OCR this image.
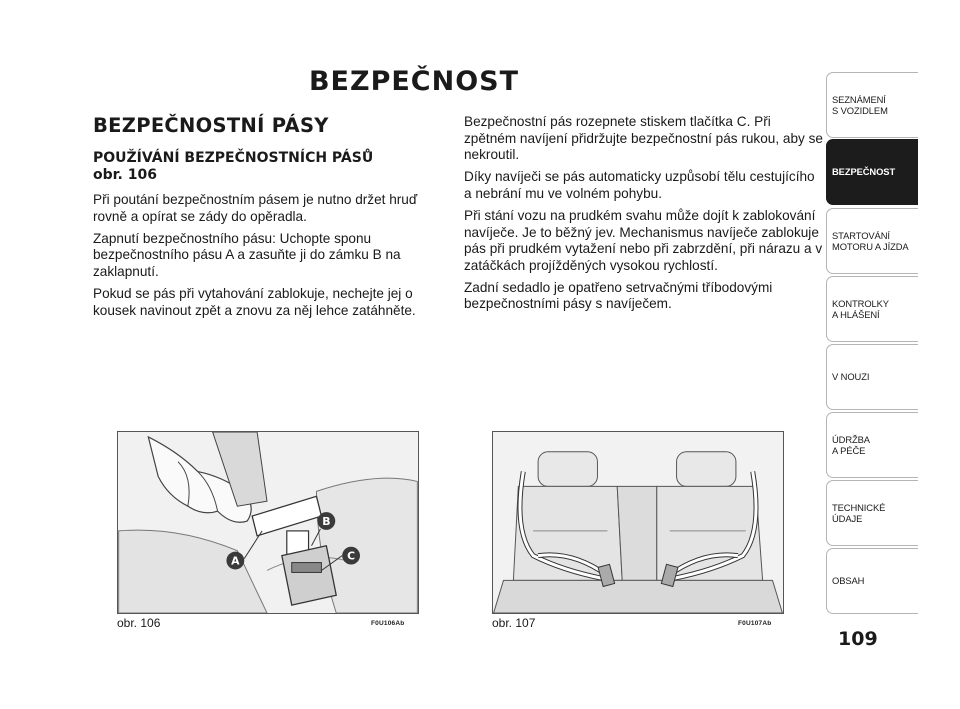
BEZPEČNOST
BEZPEČNOSTNÍ PÁSY
POUŽÍVÁNÍ BEZPEČNOSTNÍCH PÁSŮ
obr. 106

Při poutání bezpečnostním pásem je nutno držet hruď rovně a opírat se zády do opěradla.

Zapnutí bezpečnostního pásu: Uchopte sponu bezpečnostního pásu A a zasuňte ji do zámku B na zaklapnutí.

Pokud se pás při vytahování zablokuje, nechejte jej o kousek navinout zpět a znovu za něj lehce zatáhněte.

Bezpečnostní pás rozepnete stiskem tlačítka C. Při zpětném navíjení přidržujte bezpečnostní pás rukou, aby se nekroutil.

Díky navíječi se pás automaticky uzpůsobí tělu cestujícího a nebrání mu ve volném pohybu.

Při stání vozu na prudkém svahu může dojít k zablokování navíječe. Je to běžný jev. Mechanismus navíječe zablokuje pás při prudkém vytažení nebo při zabrzdění, při nárazu a v zatáčkách projížděných vysokou rychlostí.

Zadní sedadlo je opatřeno setrvačnými tříbodovými bezpečnostními pásy s navíječem.

B
A	C
obr. 106	F0U106Ab	obr. 107	F0U107Ab
SEZNÁMENÍ
S VOZIDLEM
BEZPEČNOST
STARTOVÁNÍ
MOTORU A JÍZDA
KONTROLKY
A HLÁŠENÍ
V NOUZI
ÚDRŽBA
A PÉČE
TECHNICKÉ
ÚDAJE
OBSAH
109
